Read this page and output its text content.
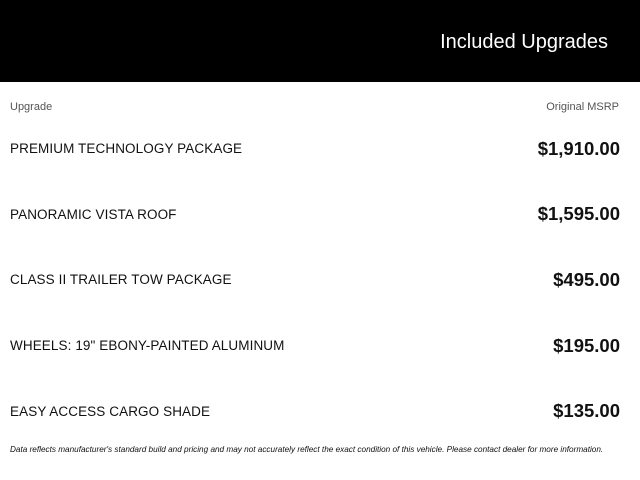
Included Upgrades
Upgrade	Original MSRP
PREMIUM TECHNOLOGY PACKAGE	$1,910.00
PANORAMIC VISTA ROOF	$1,595.00
CLASS II TRAILER TOW PACKAGE	$495.00
WHEELS: 19" EBONY-PAINTED ALUMINUM	$195.00
EASY ACCESS CARGO SHADE	$135.00
Data reflects manufacturer's standard build and pricing and may not accurately reflect the exact condition of this vehicle. Please contact dealer for more information.
